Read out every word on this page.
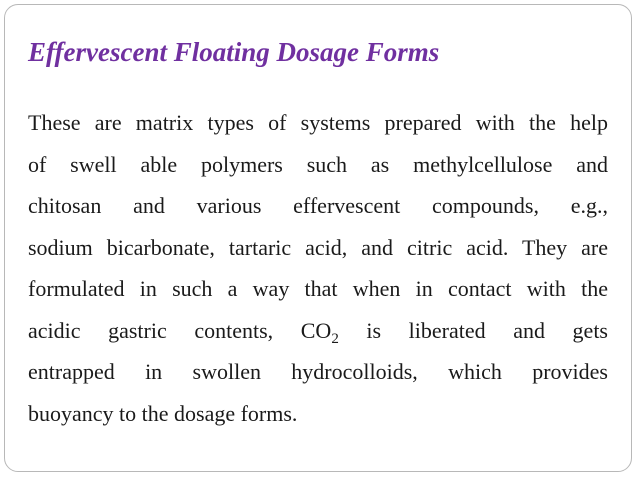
Effervescent Floating Dosage Forms
These are matrix types of systems prepared with the help
of swell able polymers such as methylcellulose and
chitosan and various effervescent compounds, e.g.,
sodium bicarbonate, tartaric acid, and citric acid. They are
formulated in such a way that when in contact with the
acidic gastric contents, $CO_2$ is liberated and gets
entrapped in swollen hydrocolloids, which provides
buoyancy to the dosage forms.
